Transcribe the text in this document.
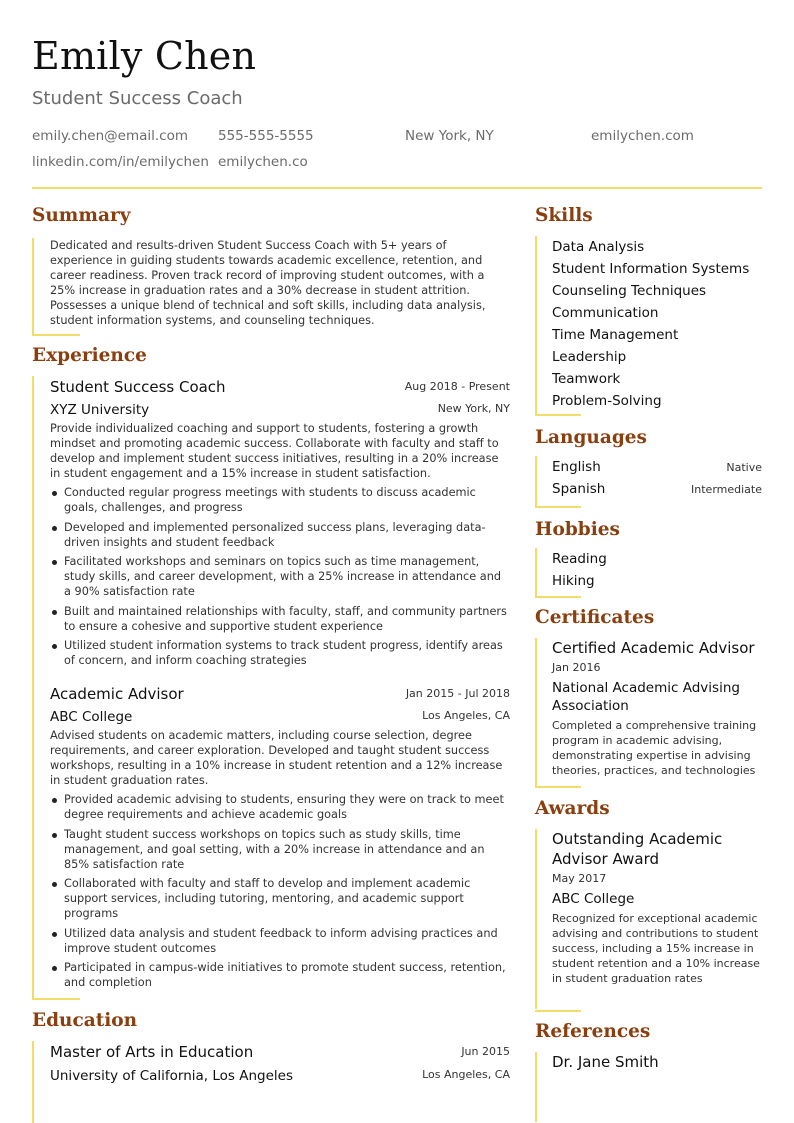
Emily Chen
Student Success Coach
emily.chen@email.com 555-555-5555	New York, NY	emilychen.com
linkedin.com/in/emilychen emilychen.co
Summary
Dedicated and results-driven Student Success Coach with 5+ years of experience in guiding students towards academic excellence, retention, and career readiness. Proven track record of improving student outcomes, with a 25% increase in graduation rates and a 30% decrease in student attrition. Possesses a unique blend of technical and soft skills, including data analysis, student information systems, and counseling techniques.
Experience
Student Success Coach	Aug 2018 - Present
XYZ University	New York, NY
Provide individualized coaching and support to students, fostering a growth mindset and promoting academic success. Collaborate with faculty and staff to develop and implement student success initiatives, resulting in a 20% increase in student engagement and a 15% increase in student satisfaction.
Conducted regular progress meetings with students to discuss academic goals, challenges, and progress
Developed and implemented personalized success plans, leveraging data-driven insights and student feedback
Facilitated workshops and seminars on topics such as time management, study skills, and career development, with a 25% increase in attendance and a 90% satisfaction rate
Built and maintained relationships with faculty, staff, and community partners to ensure a cohesive and supportive student experience
Utilized student information systems to track student progress, identify areas of concern, and inform coaching strategies
Academic Advisor	Jan 2015 - Jul 2018
ABC College	Los Angeles, CA
Advised students on academic matters, including course selection, degree requirements, and career exploration. Developed and taught student success workshops, resulting in a 10% increase in student retention and a 12% increase in student graduation rates.
Provided academic advising to students, ensuring they were on track to meet degree requirements and achieve academic goals
Taught student success workshops on topics such as study skills, time management, and goal setting, with a 20% increase in attendance and an 85% satisfaction rate
Collaborated with faculty and staff to develop and implement academic support services, including tutoring, mentoring, and academic support programs
Utilized data analysis and student feedback to inform advising practices and improve student outcomes
Participated in campus-wide initiatives to promote student success, retention, and completion
Education
Master of Arts in Education	Jun 2015
University of California, Los Angeles	Los Angeles, CA
Skills
Data Analysis
Student Information Systems
Counseling Techniques
Communication
Time Management
Leadership
Teamwork
Problem-Solving
Languages
English	Native
Spanish	Intermediate
Hobbies
Reading
Hiking
Certificates
Certified Academic Advisor
Jan 2016
National Academic Advising Association
Completed a comprehensive training program in academic advising, demonstrating expertise in advising theories, practices, and technologies
Awards
Outstanding Academic Advisor Award
May 2017
ABC College
Recognized for exceptional academic advising and contributions to student success, including a 15% increase in student retention and a 10% increase in student graduation rates
References
Dr. Jane Smith
